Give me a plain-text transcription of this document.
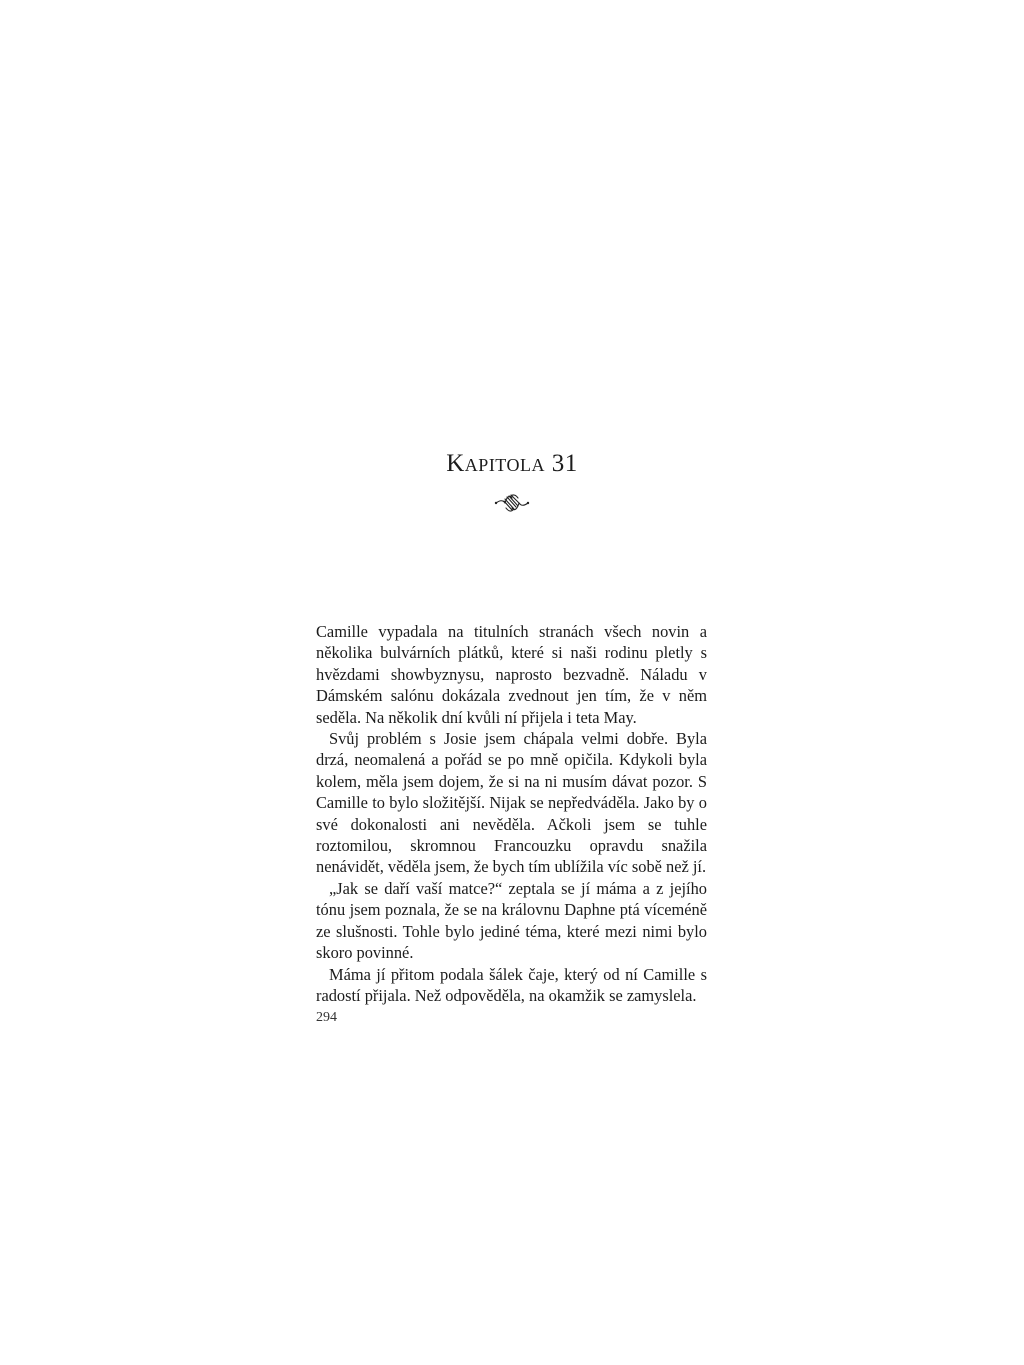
Kapitola 31

Camille vypadala na titulních stranách všech novin a několika bulvárních plátků, které si naši rodinu pletly s hvězdami showbyznysu, naprosto bezvadně. Náladu v Dámském salónu dokázala zvednout jen tím, že v něm seděla. Na několik dní kvůli ní přijela i teta May.

Svůj problém s Josie jsem chápala velmi dobře. Byla drzá, neomalená a pořád se po mně opičila. Kdykoli byla kolem, měla jsem dojem, že si na ni musím dávat pozor. S Camille to bylo složitější. Nijak se nepředváděla. Jako by o své dokonalosti ani nevěděla. Ačkoli jsem se tuhle roztomilou, skromnou Francouzku opravdu snažila nenávidět, věděla jsem, že bych tím ublížila víc sobě než jí.

„Jak se daří vaší matce?“ zeptala se jí máma a z jejího tónu jsem poznala, že se na královnu Daphne ptá víceméně ze slušnosti. Tohle bylo jediné téma, které mezi nimi bylo skoro povinné.

Máma jí přitom podala šálek čaje, který od ní Camille s radostí přijala. Než odpověděla, na okamžik se zamyslela.

294
